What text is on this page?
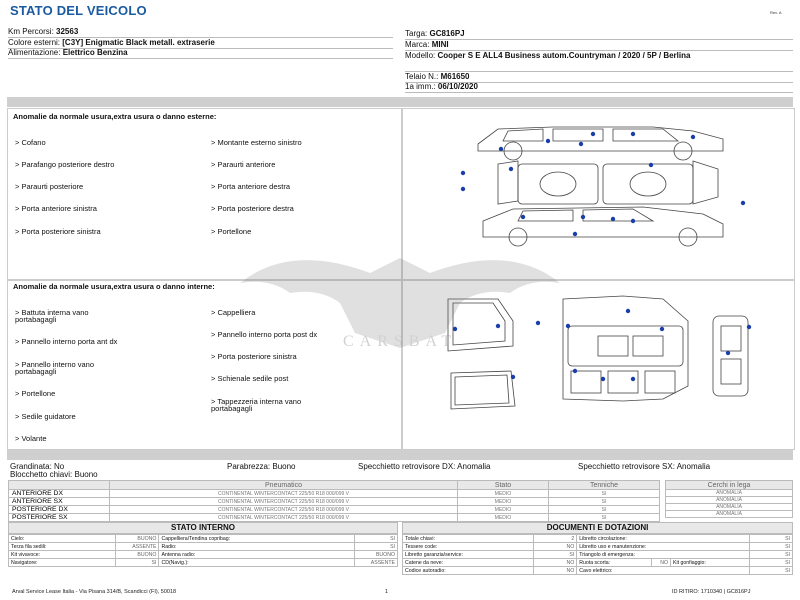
STATO DEL VEICOLO	Rev. A
Km Percorsi: 32563
Colore esterni: [C3Y] Enigmatic Black metall. extraserie
Alimentazione: Elettrico Benzina
Targa: GC816PJ
Marca: MINI
Modello: Cooper S E ALL4 Business autom.Countryman / 2020 / 5P / Berlina
Telaio N.: M61650
1a imm.: 06/10/2020
Anomalie da normale usura,extra usura o danno esterne:

> Cofano

> Parafango posteriore destro

> Paraurti posteriore

> Porta anteriore sinistra

> Porta posteriore sinistra

> Montante esterno sinistro

> Paraurti anteriore

> Porta anteriore destra

> Porta posteriore destra

> Portellone

Anomalie da normale usura,extra usura o danno interne:

> Battuta interna vano
portabagagli

> Pannello interno porta ant dx

> Pannello interno vano
portabagagli

> Portellone

> Sedile guidatore

> Volante

> Cappelliera

> Pannello interno porta post dx

> Porta posteriore sinistra

> Schienale sedile post

> Tappezzeria interna vano
portabagagli

CARSBAT
Grandinata: No
Blocchetto chiavi: Buono
Parabrezza: Buono	Specchietto retrovisore DX: Anomalia	Specchietto retrovisore SX: Anomalia
	Pneumatico	Stato	Tenniche
ANTERIORE DX	CONTINENTAL WINTERCONTACT 225/50 R18 000/099 V	MEDIO	SI
ANTERIORE SX	CONTINENTAL WINTERCONTACT 225/50 R18 000/099 V	MEDIO	SI
POSTERIORE DX	CONTINENTAL WINTERCONTACT 225/50 R18 000/099 V	MEDIO	SI
POSTERIORE SX	CONTINENTAL WINTERCONTACT 225/50 R18 000/099 V	MEDIO	SI
Cerchi in lega
ANOMALIA
ANOMALIA
ANOMALIA
ANOMALIA
STATO INTERNO
Cielo:	BUONO	Cappelliera/Tendina copribag:	SI
Terza fila sedili:	ASSENTE	Radio:	SI
Kit vivavoce:	BUONO	Antenna radio:	BUONO
Navigatore:	SI	CD(Navig.):	ASSENTE
DOCUMENTI E DOTAZIONI
Totale chiavi:	2	Libretto circolazione:			SI
Tessere code:	NO	Libretto uso e manutenzione:			SI
Libretto garanzia/service:	SI	Triangolo di emergenza:			SI
Catene da neve:	NO	Ruota scorta:	NO	Kit gonfiaggio:	SI
Codice autoradio:	NO	Cavo elettrico:			SI
Arval Service Lease Italia - Via Pisana 314/B, Scandicci (FI), 50018	1	ID RITIRO: 1710340 | GC816PJ
